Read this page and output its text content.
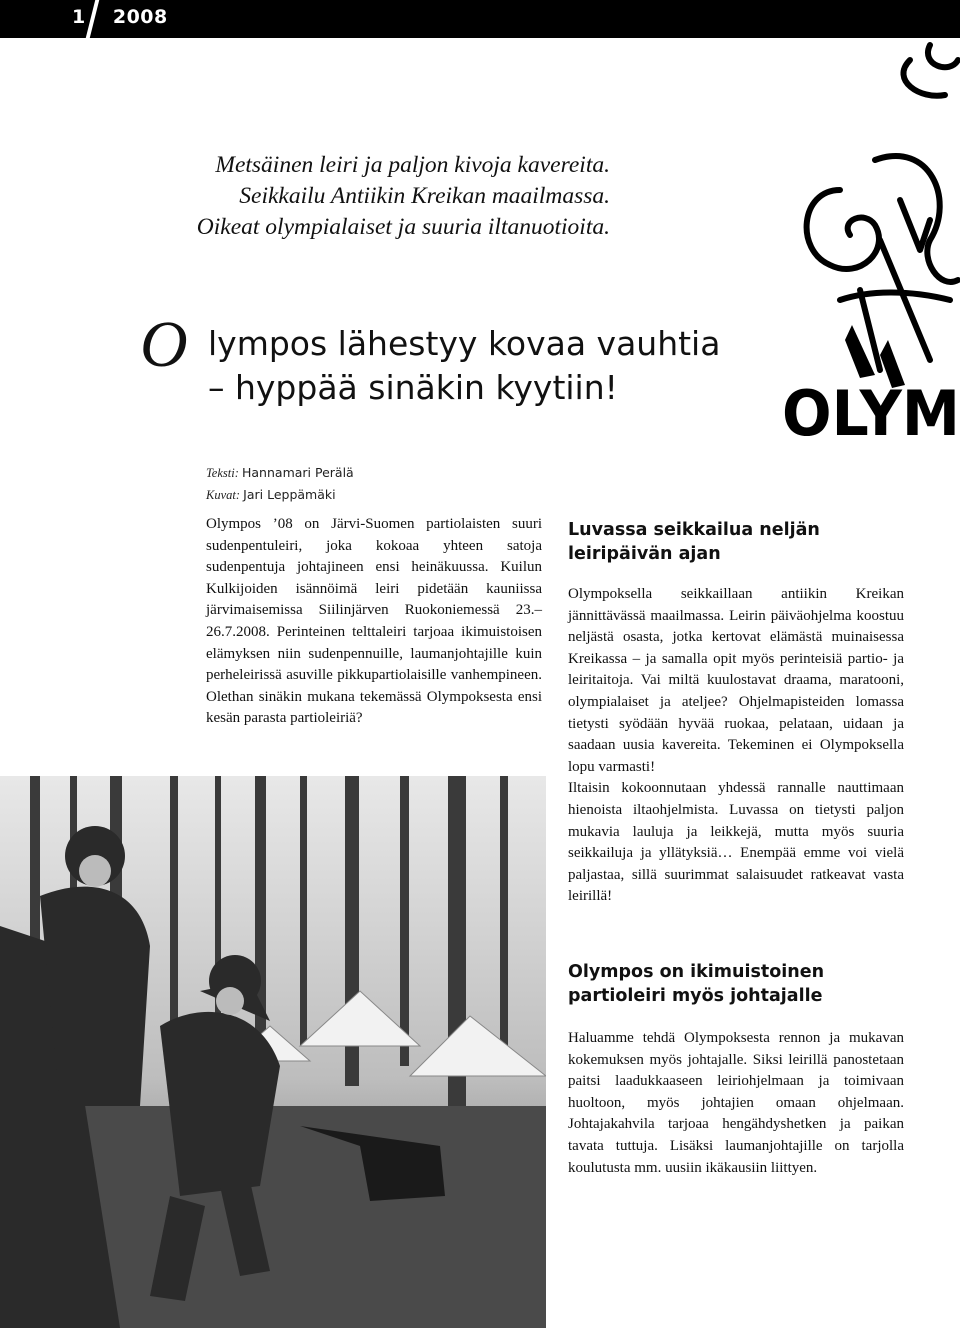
1 2008
Metsäinen leiri ja paljon kivoja kavereita.
Seikkailu Antiikin Kreikan maailmassa.
Oikeat olympialaiset ja suuria iltanuotioita.
O lympos lähestyy kovaa vauhtia
– hyppää sinäkin kyytiin!	OLYM
Teksti: Hannamari Perälä
Kuvat: Jari Leppämäki

Olympos ’08 on Järvi-Suomen partiolaisten suuri sudenpentuleiri, joka kokoaa yhteen satoja sudenpentuja johtajineen ensi heinäkuussa. Kuilun Kulkijoiden isännöimä leiri pidetään kauniissa järvimaisemissa Siilinjärven Ruokoniemessä 23.–26.7.2008. Perinteinen telttaleiri tarjoaa ikimuistoisen elämyksen niin sudenpennuille, laumanjohtajille kuin perheleirissä asuville pikkupartiolaisille vanhempineen. Olethan sinäkin mukana tekemässä Olympoksesta ensi kesän parasta partioleiriä?

Luvassa seikkailua neljän leiripäivän ajan

Olympoksella seikkaillaan antiikin Kreikan jännittävässä maailmassa. Leirin päiväohjelma koostuu neljästä osasta, jotka kertovat elämästä muinaisessa Kreikassa – ja samalla opit myös perinteisiä partio- ja leiritaitoja. Vai miltä kuulostavat draama, maratooni, olympialaiset ja ateljee? Ohjelmapisteiden lomassa tietysti syödään hyvää ruokaa, pelataan, uidaan ja saadaan uusia kavereita. Tekeminen ei Olympoksella lopu varmasti!

Iltaisin kokoonnutaan yhdessä rannalle nauttimaan hienoista iltaohjelmista. Luvassa on tietysti paljon mukavia lauluja ja leikkejä, mutta myös suuria seikkailuja ja yllätyksiä… Enempää emme voi vielä paljastaa, sillä suurimmat salaisuudet ratkeavat vasta leirillä!

Olympos on ikimuistoinen partioleiri myös johtajalle

Haluamme tehdä Olympoksesta rennon ja mukavan kokemuksen myös johtajalle. Siksi leirillä panostetaan paitsi laadukkaaseen leiriohjelmaan ja toimivaan huoltoon, myös johtajien omaan ohjelmaan. Johtajakahvila tarjoaa hengähdyshetken ja paikan tavata tuttuja. Lisäksi laumanjohtajille on tarjolla koulutusta mm. uusiin ikäkausiin liittyen.
